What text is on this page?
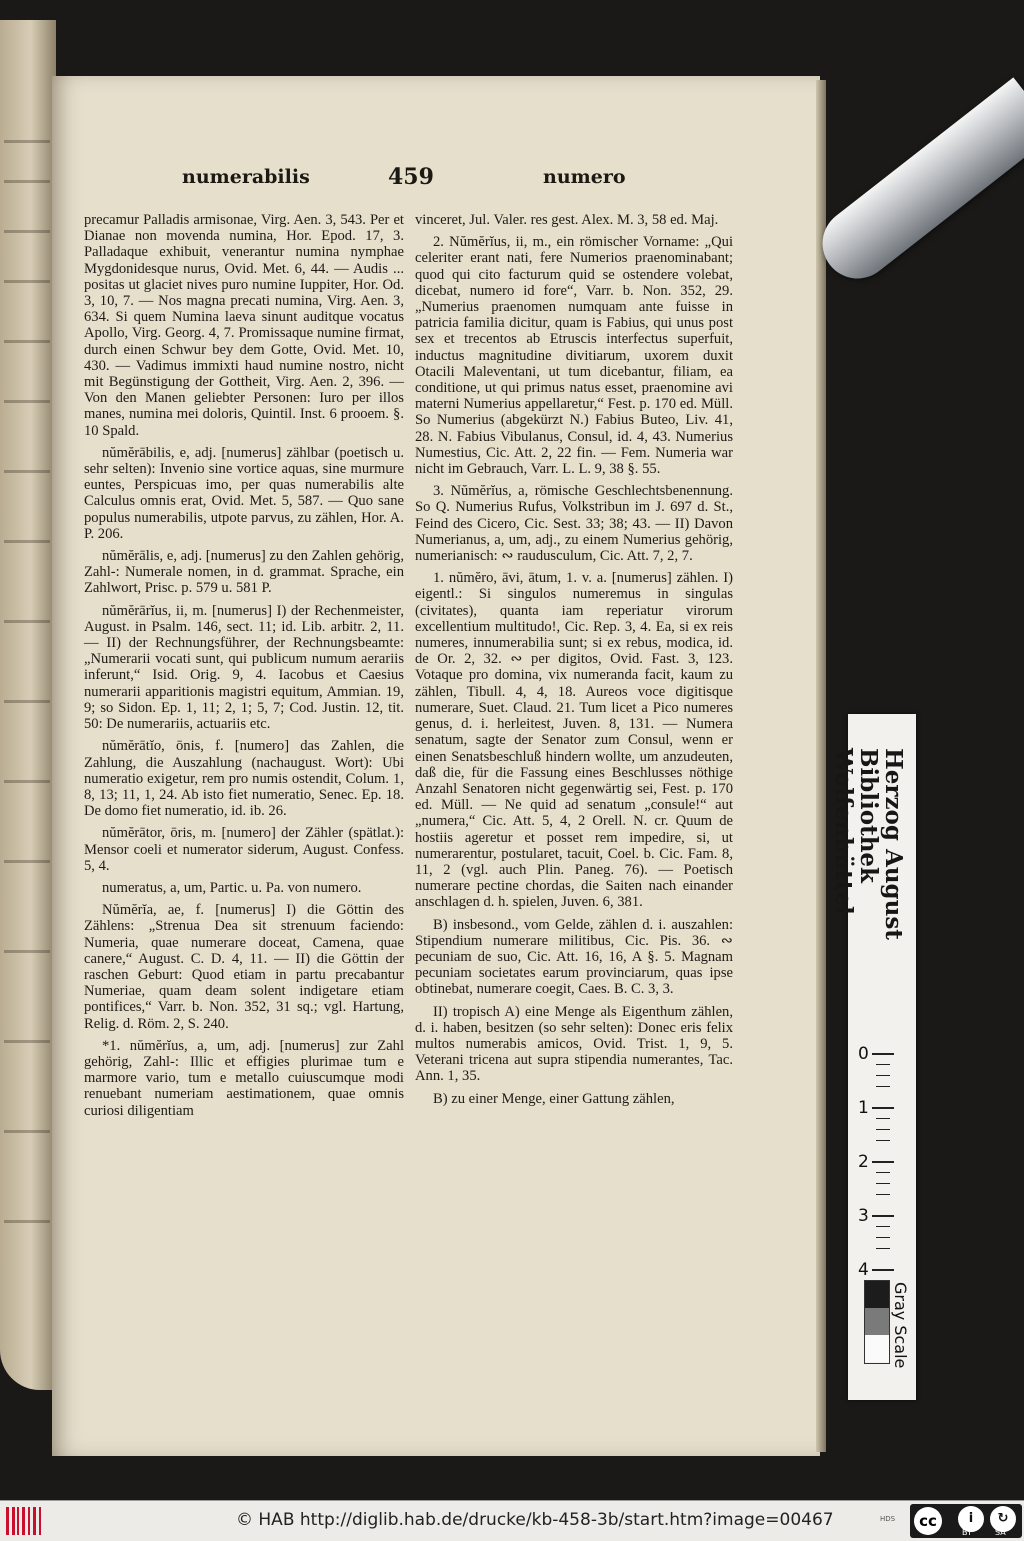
numerabilis	459	numero

precamur Palladis armisonae, Virg. Aen. 3, 543. Per et Dianae non movenda numina, Hor. Epod. 17, 3. Palladaque exhibuit, venerantur numina nymphae Mygdonidesque nurus, Ovid. Met. 6, 44. — Audis ... positas ut glaciet nives puro numine Iuppiter, Hor. Od. 3, 10, 7. — Nos magna precati numina, Virg. Aen. 3, 634. Si quem Numina laeva sinunt auditque vocatus Apollo, Virg. Georg. 4, 7. Promissaque numine firmat, durch einen Schwur bey dem Gotte, Ovid. Met. 10, 430. — Vadimus immixti haud numine nostro, nicht mit Begünstigung der Gottheit, Virg. Aen. 2, 396. — Von den Manen geliebter Personen: Iuro per illos manes, numina mei doloris, Quintil. Inst. 6 prooem. §. 10 Spald.

nŭmĕrābilis, e, adj. [numerus] zählbar (poetisch u. sehr selten): Invenio sine vortice aquas, sine murmure euntes, Perspicuas imo, per quas numerabilis alte Calculus omnis erat, Ovid. Met. 5, 587. — Quo sane populus numerabilis, utpote parvus, zu zählen, Hor. A. P. 206.

nŭmĕrālis, e, adj. [numerus] zu den Zahlen gehörig, Zahl-: Numerale nomen, in d. grammat. Sprache, ein Zahlwort, Prisc. p. 579 u. 581 P.

nŭmĕrārĭus, ii, m. [numerus] I) der Rechenmeister, August. in Psalm. 146, sect. 11; id. Lib. arbitr. 2, 11. — II) der Rechnungsführer, der Rechnungsbeamte: „Numerarii vocati sunt, qui publicum numum aerariis inferunt,“ Isid. Orig. 9, 4. Iacobus et Caesius numerarii apparitionis magistri equitum, Ammian. 19, 9; so Sidon. Ep. 1, 11; 2, 1; 5, 7; Cod. Justin. 12, tit. 50: De numerariis, actuariis etc.

nŭmĕrātĭo, ōnis, f. [numero] das Zahlen, die Zahlung, die Auszahlung (nachaugust. Wort): Ubi numeratio exigetur, rem pro numis ostendit, Colum. 1, 8, 13; 11, 1, 24. Ab isto fiet numeratio, Senec. Ep. 18. De domo fiet numeratio, id. ib. 26.

nŭmĕrātor, ōris, m. [numero] der Zähler (spätlat.): Mensor coeli et numerator siderum, August. Confess. 5, 4.

numeratus, a, um, Partic. u. Pa. von numero.

Nŭmĕrĭa, ae, f. [numerus] I) die Göttin des Zählens: „Strenua Dea sit strenuum faciendo: Numeria, quae numerare doceat, Camena, quae canere,“ August. C. D. 4, 11. — II) die Göttin der raschen Geburt: Quod etiam in partu precabantur Numeriae, quam deam solent indigetare etiam pontifices,“ Varr. b. Non. 352, 31 sq.; vgl. Hartung, Relig. d. Röm. 2, S. 240.

*1. nŭmĕrĭus, a, um, adj. [numerus] zur Zahl gehörig, Zahl-: Illic et effigies plurimae tum e marmore vario, tum e metallo cuiuscumque modi renuebant numeriam aestimationem, quae omnis curiosi diligentiam

vinceret, Jul. Valer. res gest. Alex. M. 3, 58 ed. Maj.

2. Nŭmĕrĭus, ii, m., ein römischer Vorname: „Qui celeriter erant nati, fere Numerios praenominabant; quod qui cito facturum quid se ostendere volebat, dicebat, numero id fore“, Varr. b. Non. 352, 29. „Numerius praenomen numquam ante fuisse in patricia familia dicitur, quam is Fabius, qui unus post sex et trecentos ab Etruscis interfectus superfuit, inductus magnitudine divitiarum, uxorem duxit Otacili Maleventani, ut tum dicebantur, filiam, ea conditione, ut qui primus natus esset, praenomine avi materni Numerius appellaretur,“ Fest. p. 170 ed. Müll. So Numerius (abgekürzt N.) Fabius Buteo, Liv. 41, 28. N. Fabius Vibulanus, Consul, id. 4, 43. Numerius Numestius, Cic. Att. 2, 22 fin. — Fem. Numeria war nicht im Gebrauch, Varr. L. L. 9, 38 §. 55.

3. Nŭmĕrĭus, a, römische Geschlechtsbenennung. So Q. Numerius Rufus, Volkstribun im J. 697 d. St., Feind des Cicero, Cic. Sest. 33; 38; 43. — II) Davon Numerianus, a, um, adj., zu einem Numerius gehörig, numerianisch: ∾ raudusculum, Cic. Att. 7, 2, 7.

1. nŭmĕro, āvi, ātum, 1. v. a. [numerus] zählen. I) eigentl.: Si singulos numeremus in singulas (civitates), quanta iam reperiatur virorum excellentium multitudo!, Cic. Rep. 3, 4. Ea, si ex reis numeres, innumerabilia sunt; si ex rebus, modica, id. de Or. 2, 32. ∾ per digitos, Ovid. Fast. 3, 123. Votaque pro domina, vix numeranda facit, kaum zu zählen, Tibull. 4, 4, 18. Aureos voce digitisque numerare, Suet. Claud. 21. Tum licet a Pico numeres genus, d. i. herleitest, Juven. 8, 131. — Numera senatum, sagte der Senator zum Consul, wenn er einen Senatsbeschluß hindern wollte, um anzudeuten, daß die, für die Fassung eines Beschlusses nöthige Anzahl Senatoren nicht gegenwärtig sei, Fest. p. 170 ed. Müll. — Ne quid ad senatum „consule!“ aut „numera,“ Cic. Att. 5, 4, 2 Orell. N. cr. Quum de hostiis ageretur et posset rem impedire, si, ut numerarentur, postularet, tacuit, Coel. b. Cic. Fam. 8, 11, 2 (vgl. auch Plin. Paneg. 76). — Poetisch numerare pectine chordas, die Saiten nach einander anschlagen d. h. spielen, Juven. 6, 381.

B) insbesond., vom Gelde, zählen d. i. auszahlen: Stipendium numerare militibus, Cic. Pis. 36. ∾ pecuniam de suo, Cic. Att. 16, 16, A §. 5. Magnam pecuniam societates earum provinciarum, quas ipse obtinebat, numerare coegit, Caes. B. C. 3, 3.

II) tropisch A) eine Menge als Eigenthum zählen, d. i. haben, besitzen (so sehr selten): Donec eris felix multos numerabis amicos, Ovid. Trist. 1, 9, 5. Veterani tricena aut supra stipendia numerantes, Tac. Ann. 1, 35.

B) zu einer Menge, einer Gattung zählen,

Herzog August Bibliothek
Wolfenbüttel
0
1
2
3
4
Gray Scale
© HAB http://diglib.hab.de/drucke/kb-458-3b/start.htm?image=00467	HDS	cc	i
BY
↻
SA
